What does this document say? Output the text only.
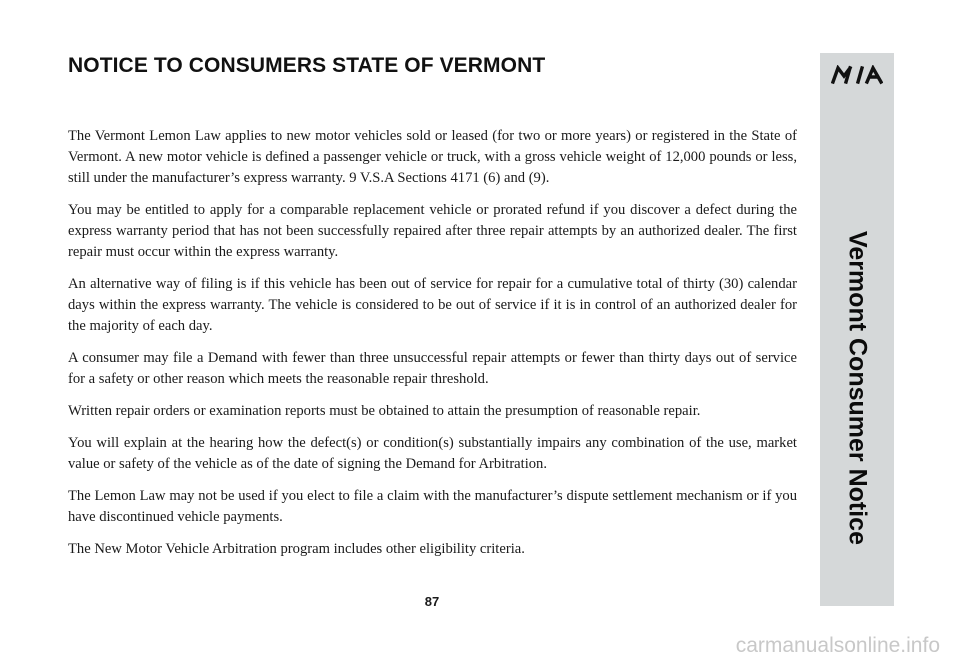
NOTICE TO CONSUMERS STATE OF VERMONT

The Vermont Lemon Law applies to new motor vehicles sold or leased (for two or more years) or registered in the State of Vermont. A new motor vehicle is defined a passenger vehicle or truck, with a gross vehicle weight of 12,000 pounds or less, still under the manufacturer’s express warranty. 9 V.S.A Sections 4171 (6) and (9).

You may be entitled to apply for a comparable replacement vehicle or prorated refund if you discover a defect during the express warranty period that has not been successfully repaired after three repair attempts by an authorized dealer. The first repair must occur within the express warranty.

An alternative way of filing is if this vehicle has been out of service for repair for a cumulative total of thirty (30) calendar days within the express warranty. The vehicle is considered to be out of service if it is in control of an authorized dealer for the majority of each day.

A consumer may file a Demand with fewer than three unsuccessful repair attempts or fewer than thirty days out of service for a safety or other reason which meets the reasonable repair threshold.

Written repair orders or examination reports must be obtained to attain the presumption of reasonable repair.

You will explain at the hearing how the defect(s) or condition(s) substantially impairs any combination of the use, market value or safety of the vehicle as of the date of signing the Demand for Arbitration.

The Lemon Law may not be used if you elect to file a claim with the manufacturer’s dispute settlement mechanism or if you have discontinued vehicle payments.

The New Motor Vehicle Arbitration program includes other eligibility criteria.

87
Vermont Consumer Notice
carmanualsonline.info
